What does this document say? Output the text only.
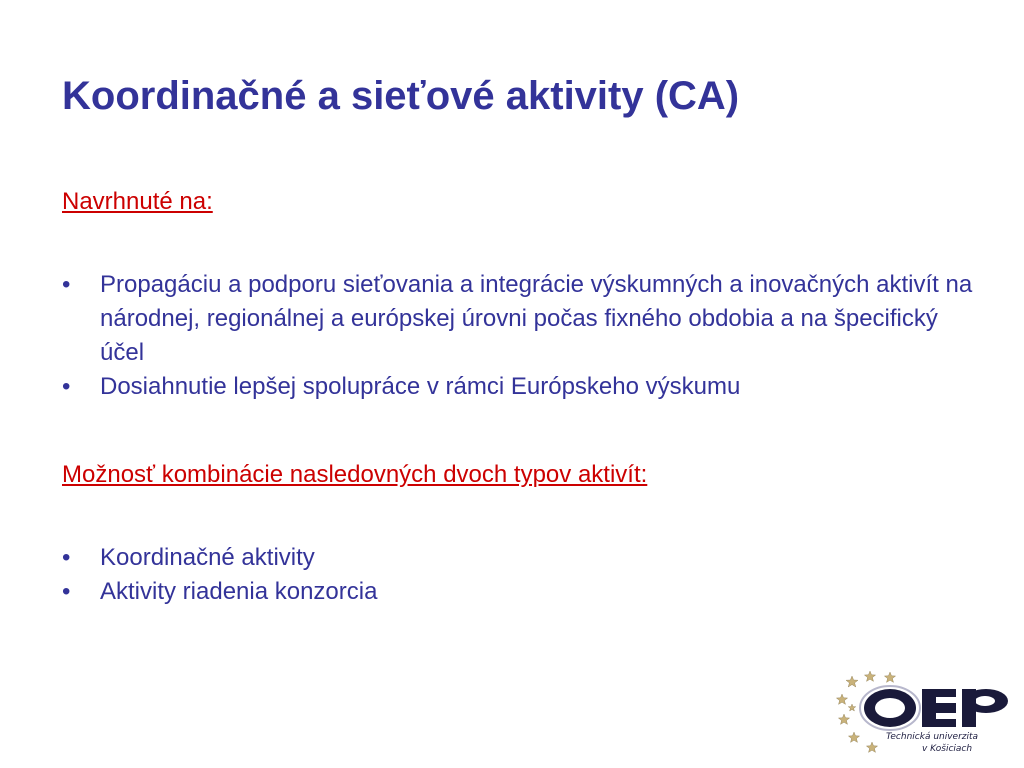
Koordinačné a sieťové aktivity (CA)

Navrhnuté na:

•	Propagáciu a podporu sieťovania a integrácie výskumných a inovačných aktivít na národnej, regionálnej a európskej úrovni počas fixného obdobia a na špecifický účel
•	Dosiahnutie lepšej spolupráce v rámci Európskeho výskumu

Možnosť kombinácie nasledovných dvoch typov aktivít:

•	Koordinačné aktivity
•	Aktivity riadenia konzorcia
Technická univerzita
v Košiciach
